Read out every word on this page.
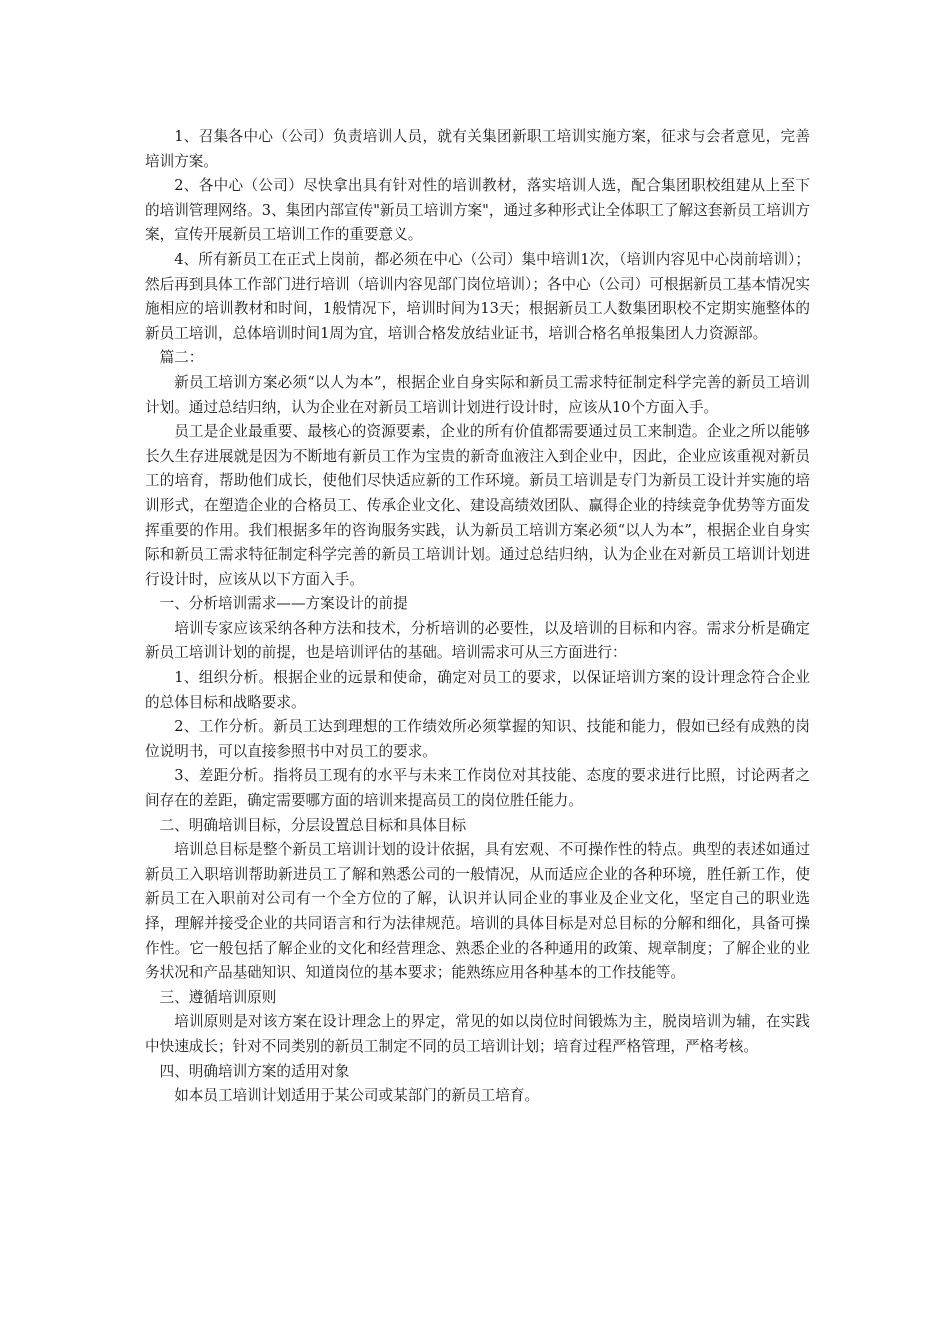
1、召集各中心（公司）负责培训人员，就有关集团新职工培训实施方案，征求与会者意见，完善培训方案。

2、各中心（公司）尽快拿出具有针对性的培训教材，落实培训人选，配合集团职校组建从上至下的培训管理网络。3、集团内部宣传"新员工培训方案"，通过多种形式让全体职工了解这套新员工培训方案，宣传开展新员工培训工作的重要意义。

4、所有新员工在正式上岗前，都必须在中心（公司）集中培训1次，（培训内容见中心岗前培训）；然后再到具体工作部门进行培训（培训内容见部门岗位培训）；各中心（公司）可根据新员工基本情况实施相应的培训教材和时间，1般情况下，培训时间为13天；根据新员工人数集团职校不定期实施整体的新员工培训，总体培训时间1周为宜，培训合格发放结业证书，培训合格名单报集团人力资源部。

篇二：

新员工培训方案必须“以人为本”，根据企业自身实际和新员工需求特征制定科学完善的新员工培训计划。通过总结归纳，认为企业在对新员工培训计划进行设计时，应该从10个方面入手。

员工是企业最重要、最核心的资源要素，企业的所有价值都需要通过员工来制造。企业之所以能够长久生存进展就是因为不断地有新员工作为宝贵的新奇血液注入到企业中，因此，企业应该重视对新员工的培育，帮助他们成长，使他们尽快适应新的工作环境。新员工培训是专门为新员工设计并实施的培训形式，在塑造企业的合格员工、传承企业文化、建设高绩效团队、赢得企业的持续竞争优势等方面发挥重要的作用。我们根据多年的咨询服务实践，认为新员工培训方案必须“以人为本”，根据企业自身实际和新员工需求特征制定科学完善的新员工培训计划。通过总结归纳，认为企业在对新员工培训计划进行设计时，应该从以下方面入手。

一、分析培训需求——方案设计的前提

培训专家应该采纳各种方法和技术，分析培训的必要性，以及培训的目标和内容。需求分析是确定新员工培训计划的前提，也是培训评估的基础。培训需求可从三方面进行：

1、组织分析。根据企业的远景和使命，确定对员工的要求，以保证培训方案的设计理念符合企业的总体目标和战略要求。

2、工作分析。新员工达到理想的工作绩效所必须掌握的知识、技能和能力，假如已经有成熟的岗位说明书，可以直接参照书中对员工的要求。

3、差距分析。指将员工现有的水平与未来工作岗位对其技能、态度的要求进行比照，讨论两者之间存在的差距，确定需要哪方面的培训来提高员工的岗位胜任能力。

二、明确培训目标，分层设置总目标和具体目标

培训总目标是整个新员工培训计划的设计依据，具有宏观、不可操作性的特点。典型的表述如通过新员工入职培训帮助新进员工了解和熟悉公司的一般情况，从而适应企业的各种环境，胜任新工作，使新员工在入职前对公司有一个全方位的了解，认识并认同企业的事业及企业文化，坚定自己的职业选择，理解并接受企业的共同语言和行为法律规范。培训的具体目标是对总目标的分解和细化，具备可操作性。它一般包括了解企业的文化和经营理念、熟悉企业的各种通用的政策、规章制度；了解企业的业务状况和产品基础知识、知道岗位的基本要求；能熟练应用各种基本的工作技能等。

三、遵循培训原则

培训原则是对该方案在设计理念上的界定，常见的如以岗位时间锻炼为主，脱岗培训为辅，在实践中快速成长；针对不同类别的新员工制定不同的员工培训计划；培育过程严格管理，严格考核。

四、明确培训方案的适用对象

如本员工培训计划适用于某公司或某部门的新员工培育。
